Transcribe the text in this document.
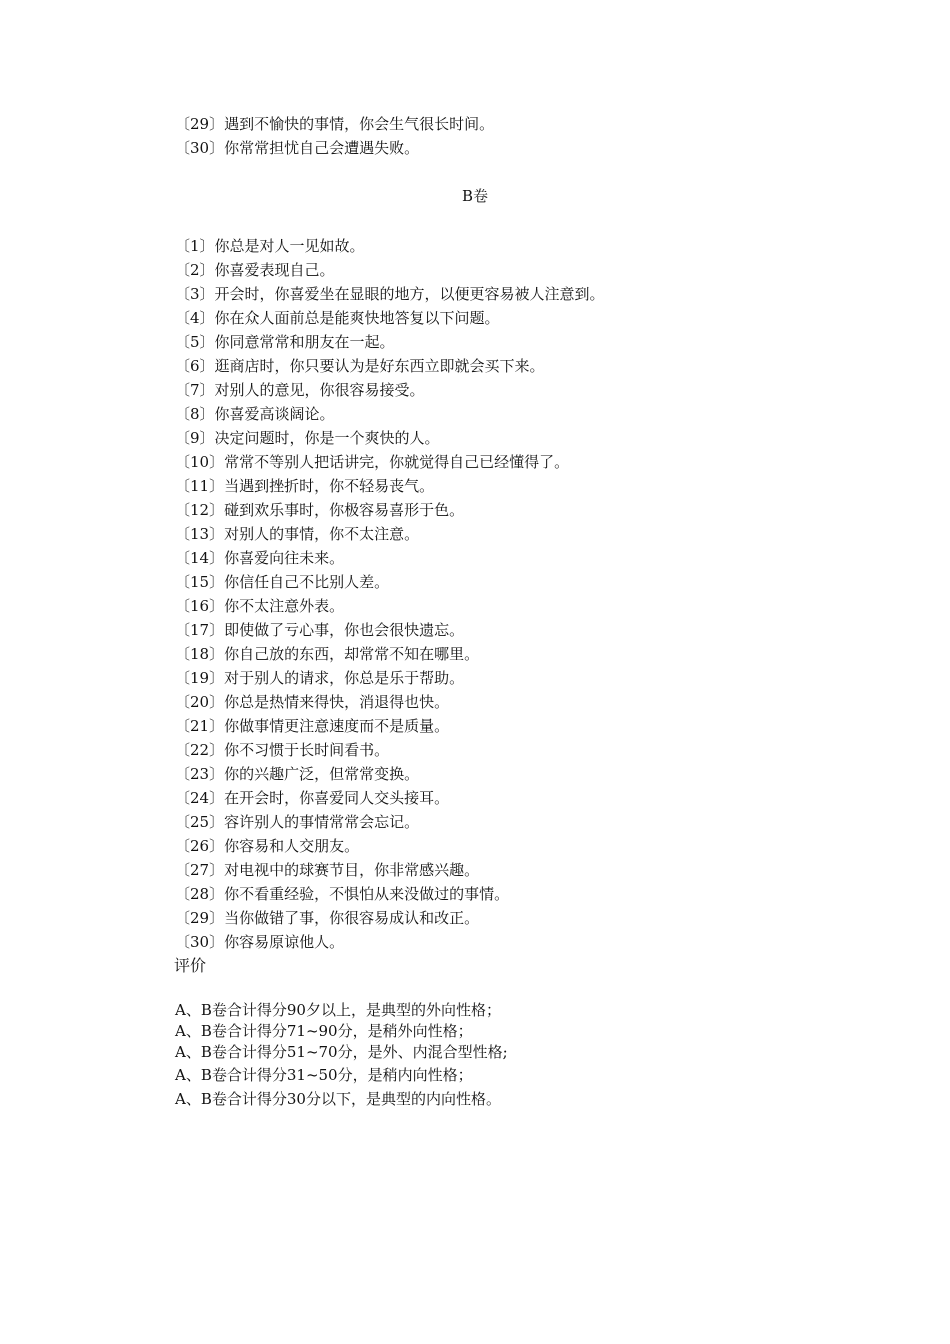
〔29〕遇到不愉快的事情，你会生气很长时间。
〔30〕你常常担忧自己会遭遇失败。
B卷
〔1〕你总是对人一见如故。
〔2〕你喜爱表现自己。
〔3〕开会时，你喜爱坐在显眼的地方，以便更容易被人注意到。
〔4〕你在众人面前总是能爽快地答复以下问题。
〔5〕你同意常常和朋友在一起。
〔6〕逛商店时，你只要认为是好东西立即就会买下来。
〔7〕对别人的意见，你很容易接受。
〔8〕你喜爱高谈阔论。
〔9〕决定问题时，你是一个爽快的人。
〔10〕常常不等别人把话讲完，你就觉得自己已经懂得了。
〔11〕当遇到挫折时，你不轻易丧气。
〔12〕碰到欢乐事时，你极容易喜形于色。
〔13〕对别人的事情，你不太注意。
〔14〕你喜爱向往未来。
〔15〕你信任自己不比别人差。
〔16〕你不太注意外表。
〔17〕即使做了亏心事，你也会很快遗忘。
〔18〕你自己放的东西，却常常不知在哪里。
〔19〕对于别人的请求，你总是乐于帮助。
〔20〕你总是热情来得快，消退得也快。
〔21〕你做事情更注意速度而不是质量。
〔22〕你不习惯于长时间看书。
〔23〕你的兴趣广泛，但常常变换。
〔24〕在开会时，你喜爱同人交头接耳。
〔25〕容许别人的事情常常会忘记。
〔26〕你容易和人交朋友。
〔27〕对电视中的球赛节目，你非常感兴趣。
〔28〕你不看重经验，不惧怕从来没做过的事情。
〔29〕当你做错了事，你很容易成认和改正。
〔30〕你容易原谅他人。
评价
A、B卷合计得分90夕以上，是典型的外向性格；
A、B卷合计得分71~90分，是稍外向性格；
A、B卷合计得分51~70分，是外、内混合型性格;
A、B卷合计得分31~50分，是稍内向性格；
A、B卷合计得分30分以下，是典型的内向性格。
